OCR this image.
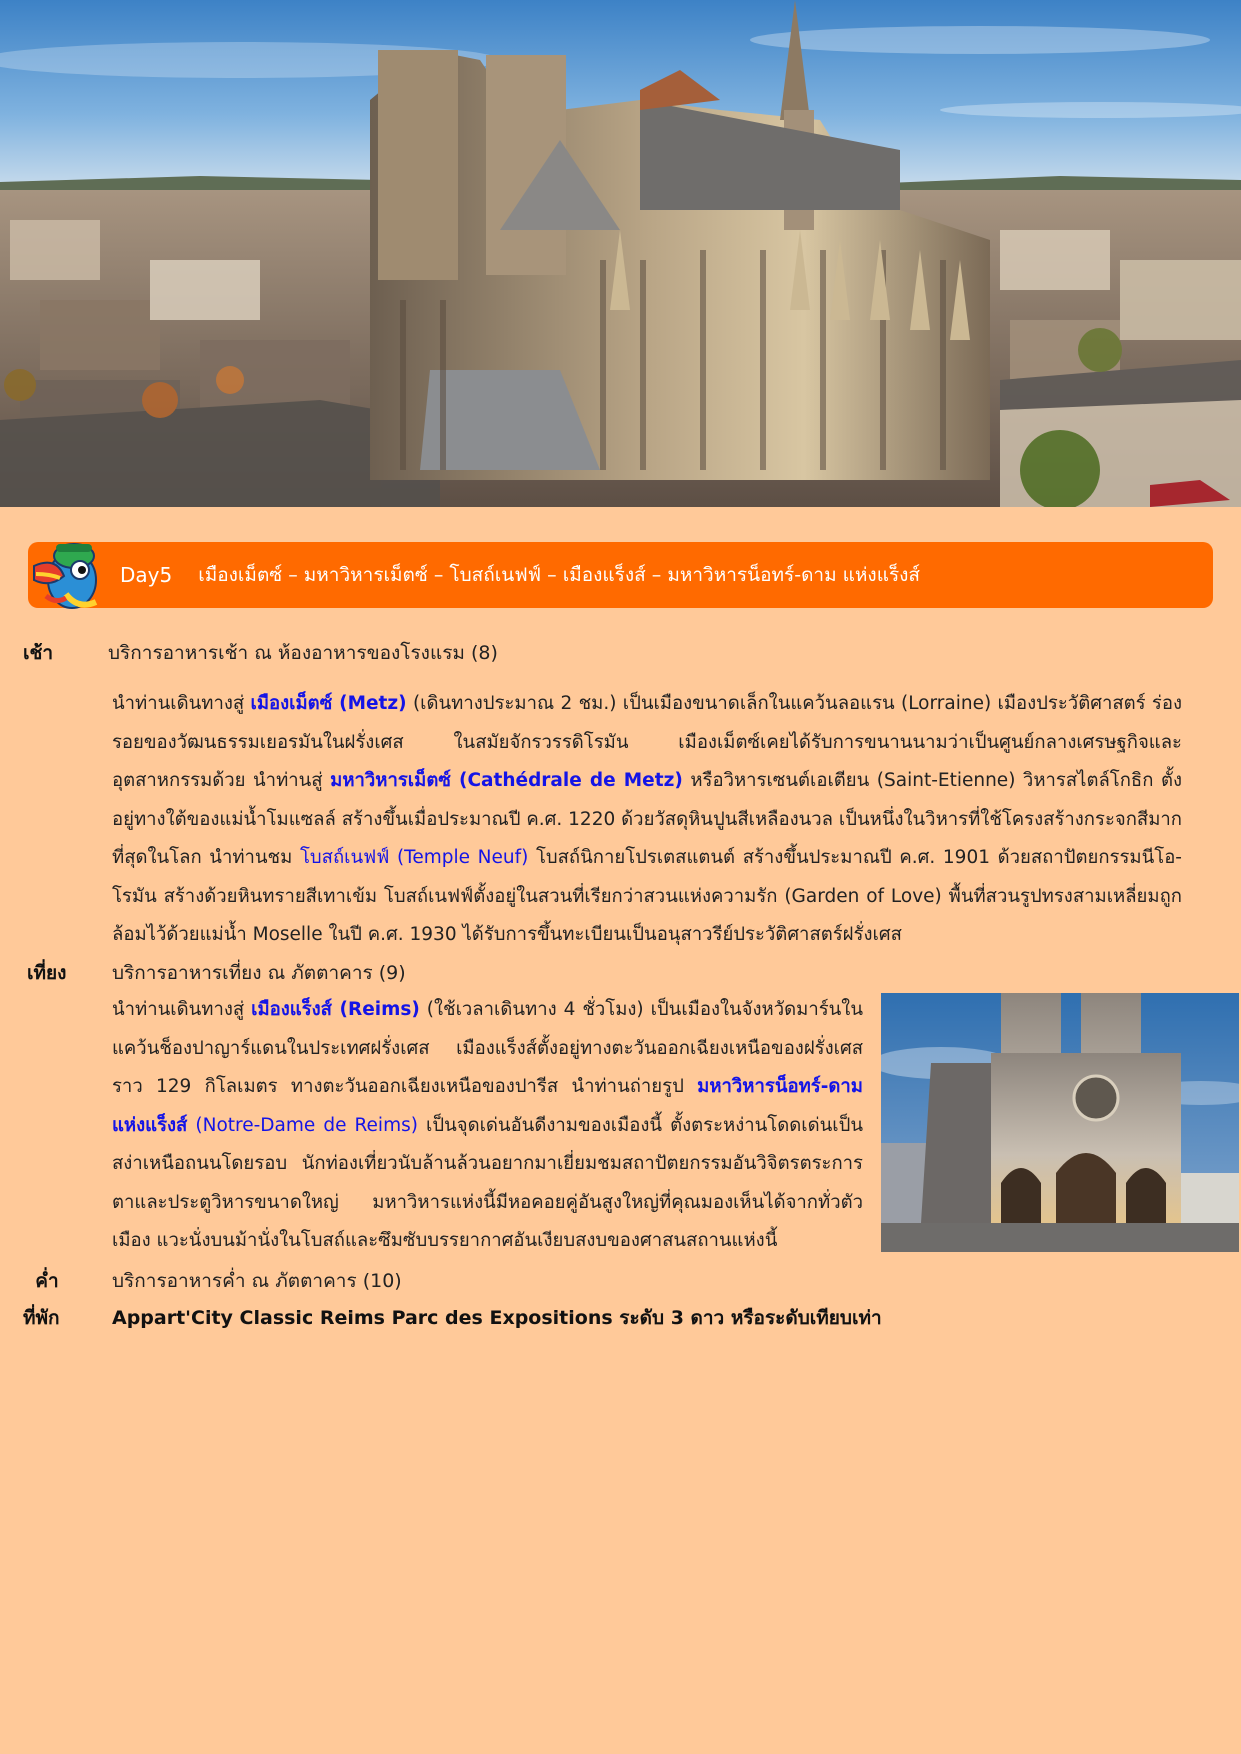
Day5 เมืองเม็ตซ์ – มหาวิหารเม็ตซ์ – โบสถ์เนฟฟ์ – เมืองแร็งส์ – มหาวิหารน็อทร์-ดาม แห่งแร็งส์
เช้า	บริการอาหารเช้า ณ ห้องอาหารของโรงแรม (8)
นำท่านเดินทางสู่ เมืองเม็ตซ์ (Metz) (เดินทางประมาณ 2 ชม.) เป็นเมืองขนาดเล็กในแคว้นลอแรน (Lorraine) เมืองประวัติศาสตร์ ร่องรอยของวัฒนธรรมเยอรมันในฝรั่งเศส ในสมัยจักรวรรดิโรมัน เมืองเม็ตซ์เคยได้รับการขนานนามว่าเป็นศูนย์กลางเศรษฐกิจและอุตสาหกรรมด้วย นำท่านสู่ มหาวิหารเม็ตซ์ (Cathédrale de Metz) หรือวิหารเซนต์เอเตียน (Saint-Etienne) วิหารสไตล์โกธิก ตั้งอยู่ทางใต้ของแม่น้ำโมแซลล์ สร้างขึ้นเมื่อประมาณปี ค.ศ. 1220 ด้วยวัสดุหินปูนสีเหลืองนวล เป็นหนึ่งในวิหารที่ใช้โครงสร้างกระจกสีมากที่สุดในโลก นำท่านชม โบสถ์เนฟฟ์ (Temple Neuf) โบสถ์นิกายโปรเตสแตนต์ สร้างขึ้นประมาณปี ค.ศ. 1901 ด้วยสถาปัตยกรรมนีโอ-โรมัน สร้างด้วยหินทรายสีเทาเข้ม โบสถ์เนฟฟ์ตั้งอยู่ในสวนที่เรียกว่าสวนแห่งความรัก (Garden of Love) พื้นที่สวนรูปทรงสามเหลี่ยมถูกล้อมไว้ด้วยแม่น้ำ Moselle ในปี ค.ศ. 1930 ได้รับการขึ้นทะเบียนเป็นอนุสาวรีย์ประวัติศาสตร์ฝรั่งเศส
เที่ยง บริการอาหารเที่ยง ณ ภัตตาคาร (9)
นำท่านเดินทางสู่ เมืองแร็งส์ (Reims) (ใช้เวลาเดินทาง 4 ชั่วโมง) เป็นเมืองในจังหวัดมาร์นในแคว้นช็องปาญาร์แดนในประเทศฝรั่งเศส เมืองแร็งส์ตั้งอยู่ทางตะวันออกเฉียงเหนือของฝรั่งเศสราว 129 กิโลเมตร ทางตะวันออกเฉียงเหนือของปารีส นำท่านถ่ายรูป มหาวิหารน็อทร์-ดาม แห่งแร็งส์ (Notre-Dame de Reims) เป็นจุดเด่นอันดีงามของเมืองนี้ ตั้งตระหง่านโดดเด่นเป็นสง่าเหนือถนนโดยรอบ นักท่องเที่ยวนับล้านล้วนอยากมาเยี่ยมชมสถาปัตยกรรมอันวิจิตรตระการตาและประตูวิหารขนาดใหญ่ มหาวิหารแห่งนี้มีหอคอยคู่อันสูงใหญ่ที่คุณมองเห็นได้จากทั่วตัวเมือง แวะนั่งบนม้านั่งในโบสถ์และซึมซับบรรยากาศอันเงียบสงบของศาสนสถานแห่งนี้
ค่ำ	บริการอาหารค่ำ ณ ภัตตาคาร (10)
ที่พัก	Appart'City Classic Reims Parc des Expositions ระดับ 3 ดาว หรือระดับเทียบเท่า
